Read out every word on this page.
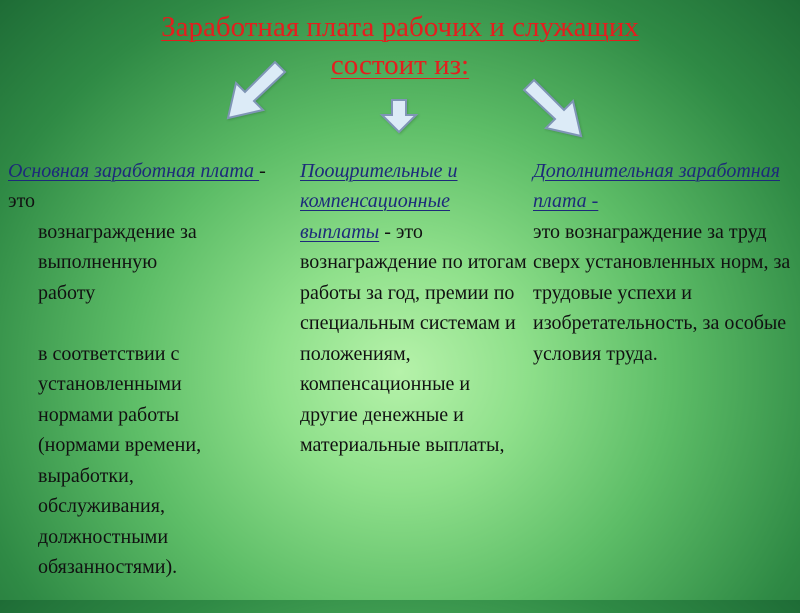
Заработная плата рабочих и служащих
состоит из:

Основная заработная плата - это

вознаграждение за
выполненную
работу

в соответствии с
установленными
нормами работы
(нормами времени,
выработки,
обслуживания,
должностными
обязанностями).

Поощрительные и компенсационные выплаты - это
вознаграждение по итогам работы за год, премии по специальным системам и положениям, компенсационные и другие денежные и материальные выплаты,

Дополнительная заработная плата -
это вознаграждение за труд сверх установленных норм, за трудовые успехи и изобретательность, за особые условия труда.
